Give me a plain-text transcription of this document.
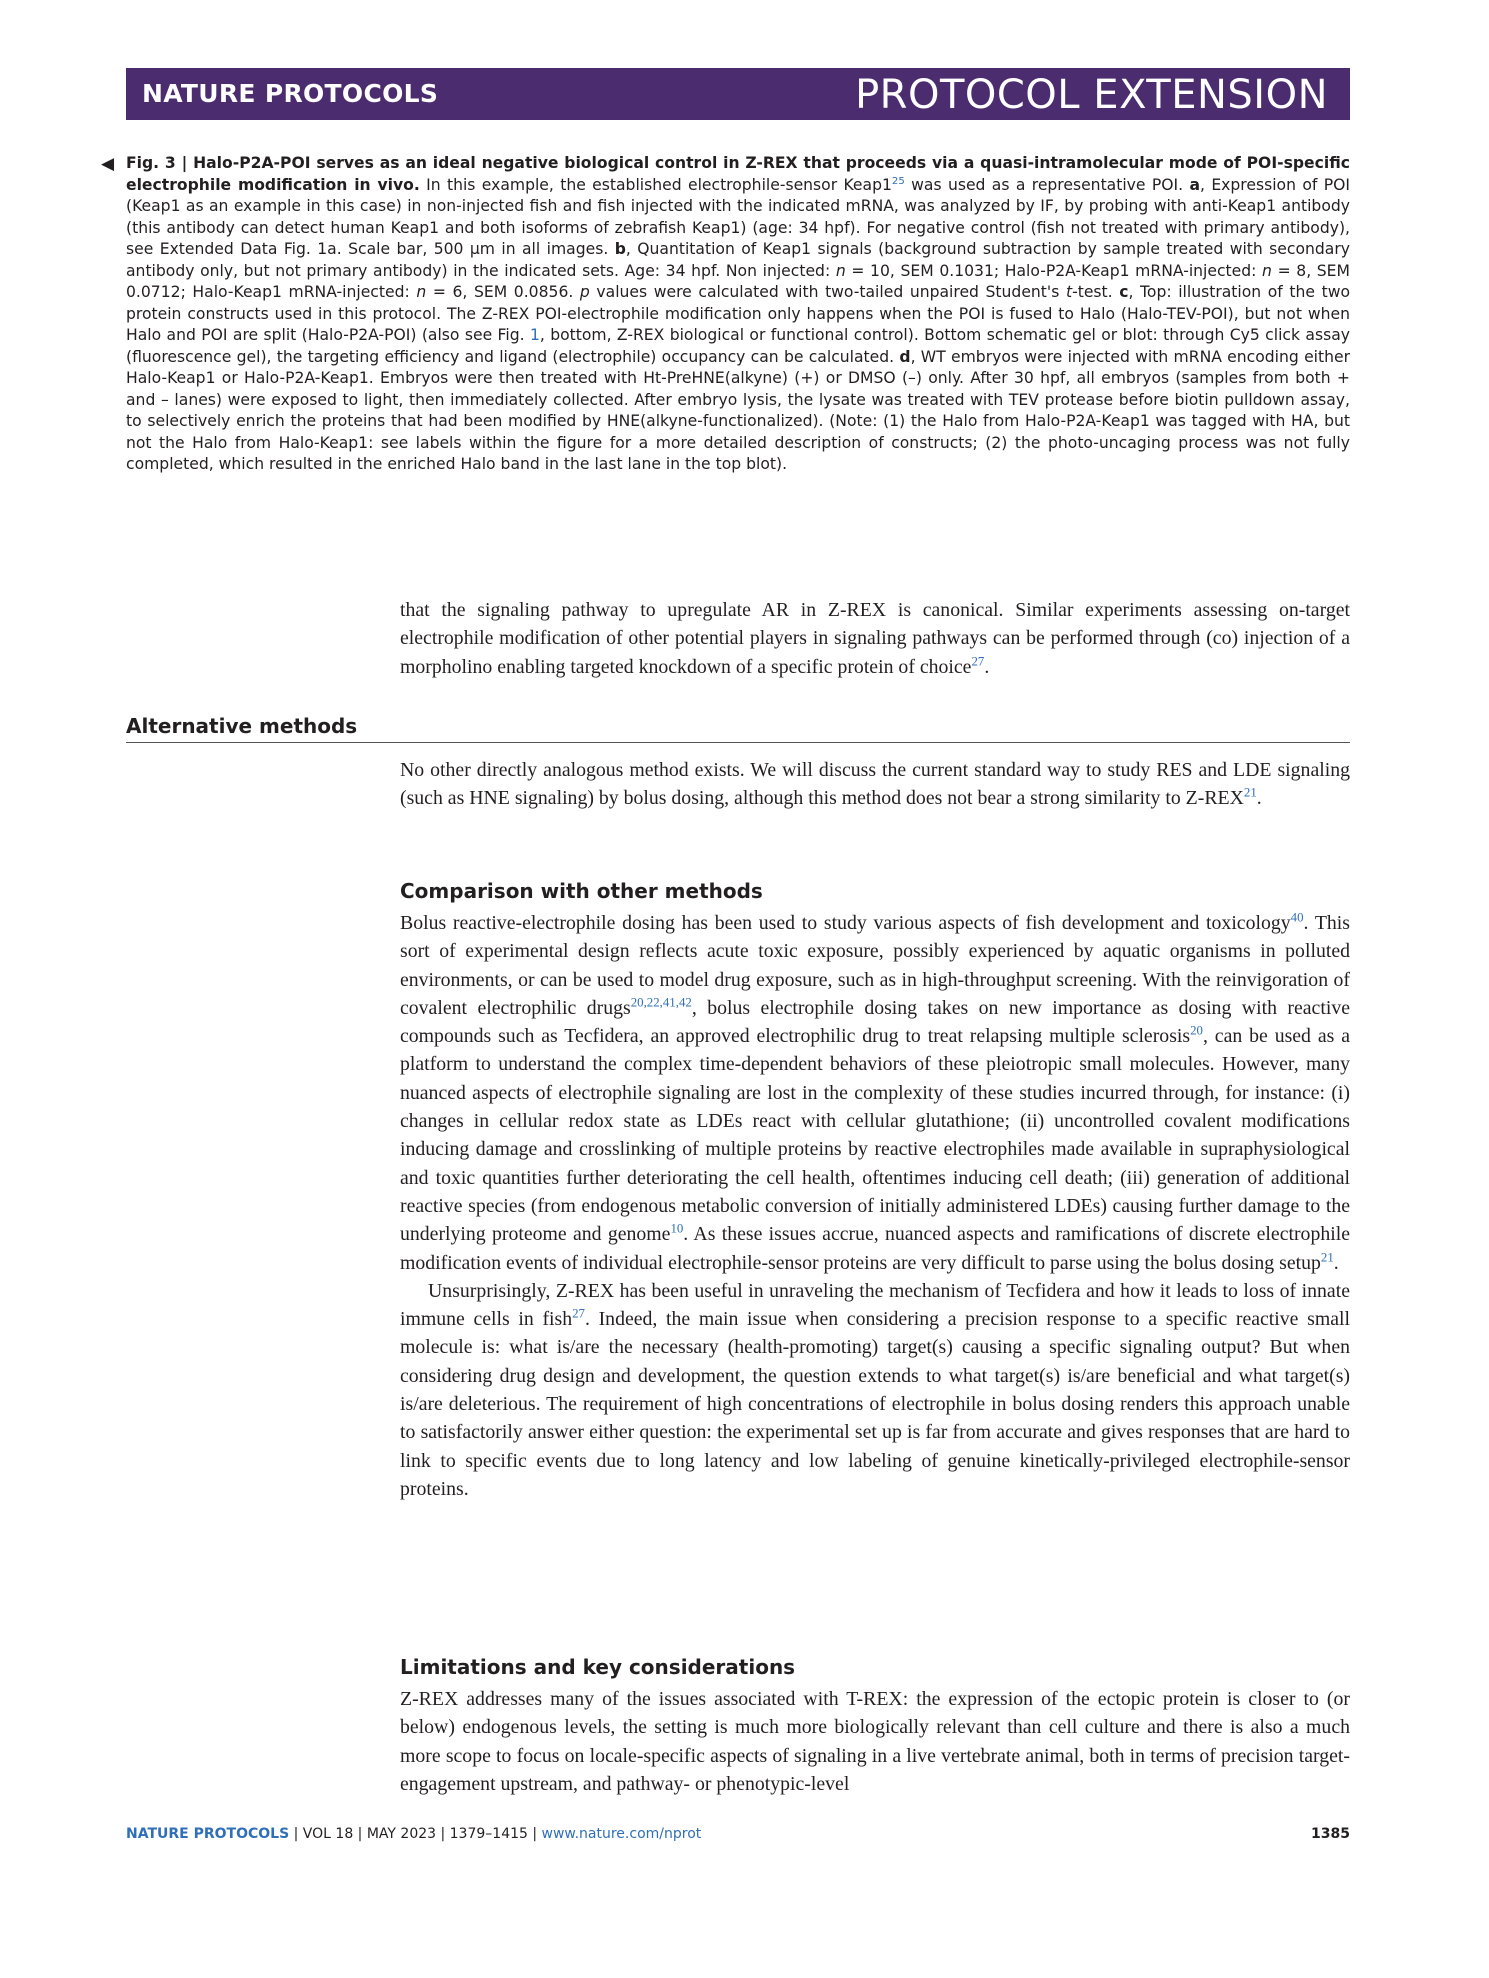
NATURE PROTOCOLS	PROTOCOL EXTENSION
◀ Fig. 3 | Halo-P2A-POI serves as an ideal negative biological control in Z-REX that proceeds via a quasi-intramolecular mode of POI-specific electrophile modification in vivo. In this example, the established electrophile-sensor $Keap1^{25}$ was used as a representative POI. a, Expression of POI (Keap1 as an example in this case) in non-injected fish and fish injected with the indicated mRNA, was analyzed by IF, by probing with anti-Keap1 antibody (this antibody can detect human Keap1 and both isoforms of zebrafish Keap1) (age: 34 hpf). For negative control (fish not treated with primary antibody), see Extended Data Fig. 1a. Scale bar, 500 μm in all images. b, Quantitation of Keap1 signals (background subtraction by sample treated with secondary antibody only, but not primary antibody) in the indicated sets. Age: 34 hpf. Non injected: n = 10, SEM 0.1031; Halo-P2A-Keap1 mRNA-injected: n = 8, SEM 0.0712; Halo-Keap1 mRNA-injected: n = 6, SEM 0.0856. p values were calculated with two-tailed unpaired Student's t-test. c, Top: illustration of the two protein constructs used in this protocol. The Z-REX POI-electrophile modification only happens when the POI is fused to Halo (Halo-TEV-POI), but not when Halo and POI are split (Halo-P2A-POI) (also see Fig. 1, bottom, Z-REX biological or functional control). Bottom schematic gel or blot: through Cy5 click assay (fluorescence gel), the targeting efficiency and ligand (electrophile) occupancy can be calculated. d, WT embryos were injected with mRNA encoding either Halo-Keap1 or Halo-P2A-Keap1. Embryos were then treated with Ht-PreHNE(alkyne) (+) or DMSO (–) only. After 30 hpf, all embryos (samples from both + and – lanes) were exposed to light, then immediately collected. After embryo lysis, the lysate was treated with TEV protease before biotin pulldown assay, to selectively enrich the proteins that had been modified by HNE(alkyne-functionalized). (Note: (1) the Halo from Halo-P2A-Keap1 was tagged with HA, but not the Halo from Halo-Keap1: see labels within the figure for a more detailed description of constructs; (2) the photo-uncaging process was not fully completed, which resulted in the enriched Halo band in the last lane in the top blot).

that the signaling pathway to upregulate AR in Z-REX is canonical. Similar experiments assessing on-target electrophile modification of other potential players in signaling pathways can be performed through (co) injection of a morpholino enabling targeted knockdown of a specific protein of choice$^{27}$.

Alternative methods

No other directly analogous method exists. We will discuss the current standard way to study RES and LDE signaling (such as HNE signaling) by bolus dosing, although this method does not bear a strong similarity to Z-REX$^{21}$.

Comparison with other methods

Bolus reactive-electrophile dosing has been used to study various aspects of fish development and toxicology$^{40}$. This sort of experimental design reflects acute toxic exposure, possibly experienced by aquatic organisms in polluted environments, or can be used to model drug exposure, such as in high-throughput screening. With the reinvigoration of covalent electrophilic drugs$^{20,22,41,42}$, bolus electrophile dosing takes on new importance as dosing with reactive compounds such as Tecfidera, an approved electrophilic drug to treat relapsing multiple sclerosis$^{20}$, can be used as a platform to understand the complex time-dependent behaviors of these pleiotropic small molecules. However, many nuanced aspects of electrophile signaling are lost in the complexity of these studies incurred through, for instance: (i) changes in cellular redox state as LDEs react with cellular glutathione; (ii) uncontrolled covalent modifications inducing damage and crosslinking of multiple proteins by reactive electrophiles made available in supraphysiological and toxic quantities further deteriorating the cell health, oftentimes inducing cell death; (iii) generation of additional reactive species (from endogenous metabolic conversion of initially administered LDEs) causing further damage to the underlying proteome and genome$^{10}$. As these issues accrue, nuanced aspects and ramifications of discrete electrophile modification events of individual electrophile-sensor proteins are very difficult to parse using the bolus dosing setup$^{21}$.

Unsurprisingly, Z-REX has been useful in unraveling the mechanism of Tecfidera and how it leads to loss of innate immune cells in fish$^{27}$. Indeed, the main issue when considering a precision response to a specific reactive small molecule is: what is/are the necessary (health-promoting) target(s) causing a specific signaling output? But when considering drug design and development, the question extends to what target(s) is/are beneficial and what target(s) is/are deleterious. The requirement of high concentrations of electrophile in bolus dosing renders this approach unable to satisfactorily answer either question: the experimental set up is far from accurate and gives responses that are hard to link to specific events due to long latency and low labeling of genuine kinetically-privileged electrophile-sensor proteins.

Limitations and key considerations

Z-REX addresses many of the issues associated with T-REX: the expression of the ectopic protein is closer to (or below) endogenous levels, the setting is much more biologically relevant than cell culture and there is also a much more scope to focus on locale-specific aspects of signaling in a live vertebrate animal, both in terms of precision target-engagement upstream, and pathway- or phenotypic-level

NATURE PROTOCOLS | VOL 18 | MAY 2023 | 1379–1415 | www.nature.com/nprot	1385
